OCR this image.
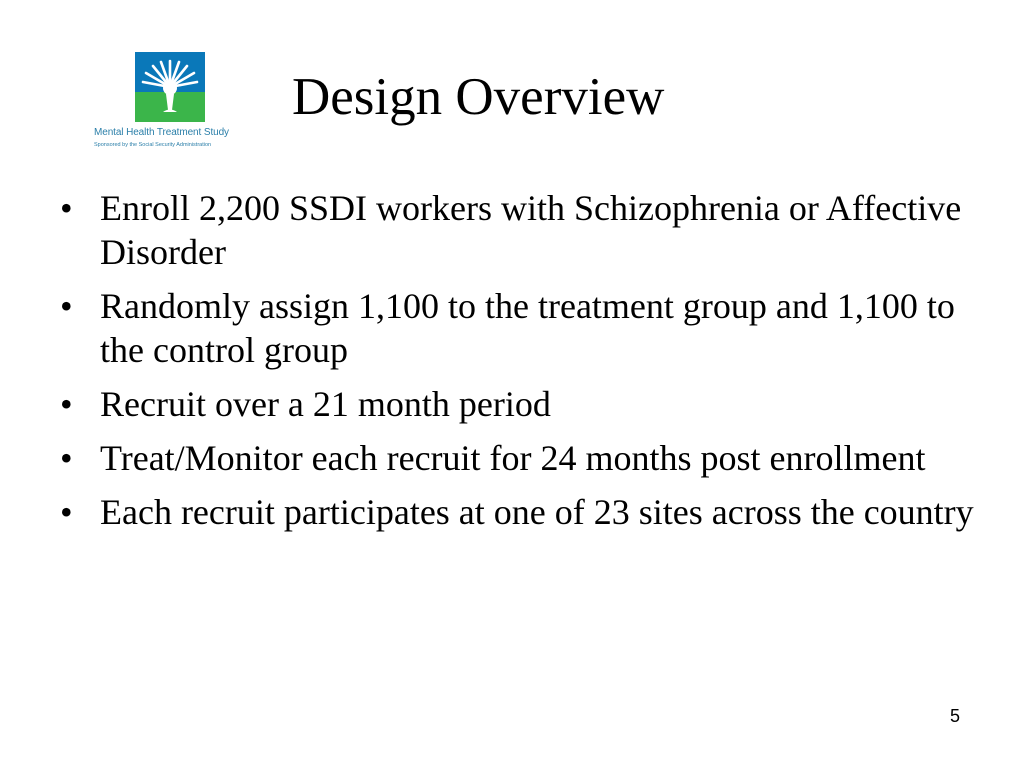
Mental Health Treatment Study
Sponsored by the Social Security Administration
Design Overview
• Enroll 2,200 SSDI workers with Schizophrenia or Affective Disorder
• Randomly assign 1,100 to the treatment group and 1,100 to the control group
• Recruit over a 21 month period
• Treat/Monitor each recruit for 24 months post enrollment
• Each recruit participates at one of 23 sites across the country
5
